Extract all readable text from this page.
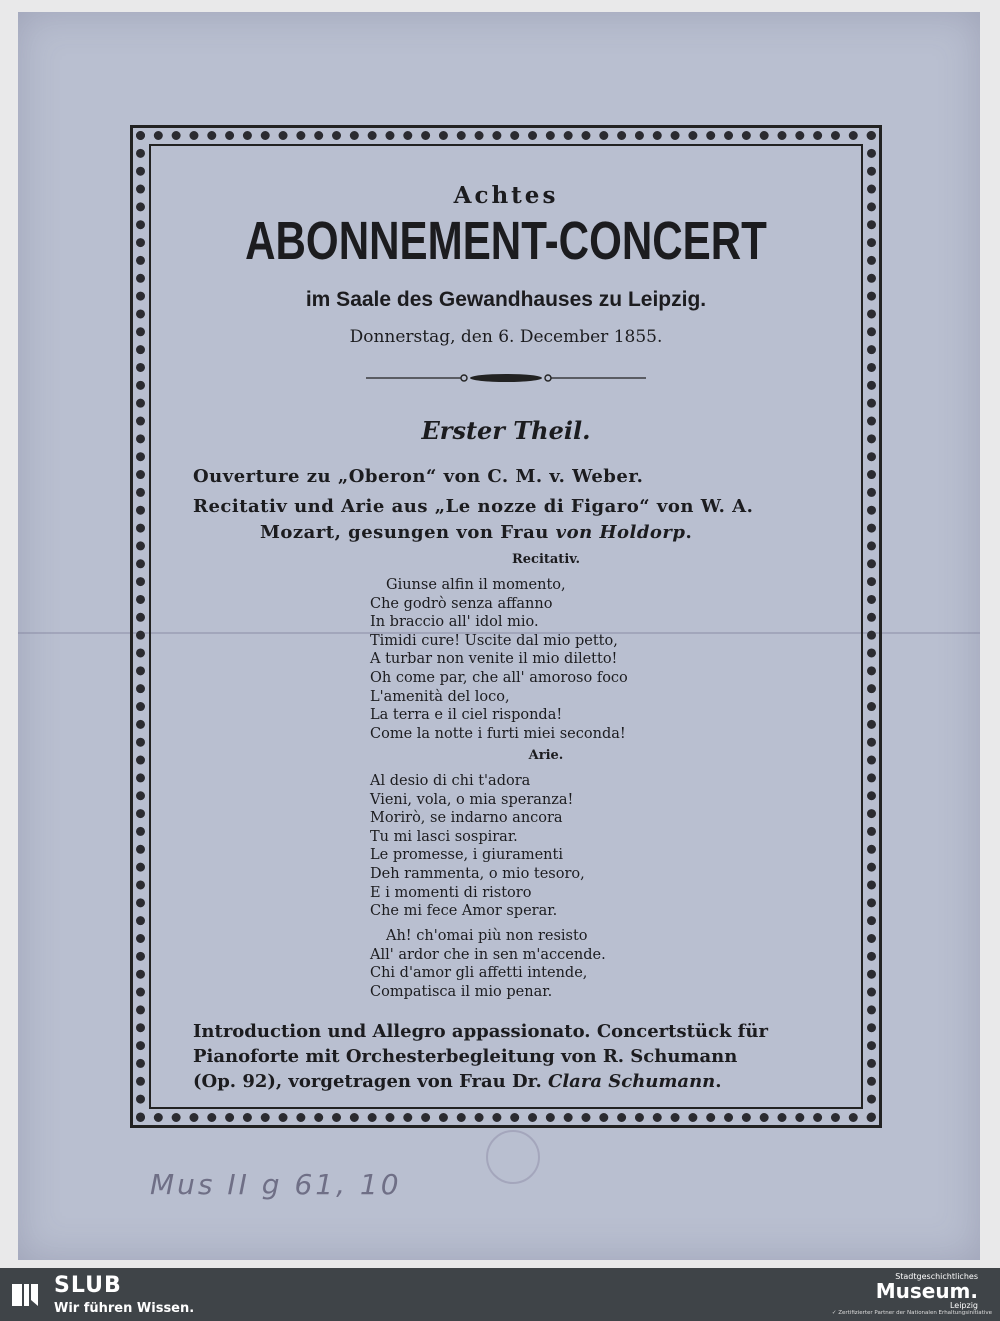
Achtes
ABONNEMENT-CONCERT
im Saale des Gewandhauses zu Leipzig.
Donnerstag, den 6. December 1855.
Erster Theil.
Ouverture zu „Oberon“ von C. M. v. Weber.
Recitativ und Arie aus „Le nozze di Figaro“ von W. A.
Mozart, gesungen von Frau von Holdorp.
Recitativ.
Giunse alfin il momento,
Che godrò senza affanno
In braccio all' idol mio.
Timidi cure! Uscite dal mio petto,
A turbar non venite il mio diletto!
Oh come par, che all' amoroso foco
L'amenità del loco,
La terra e il ciel risponda!
Come la notte i furti miei seconda!
Arie.
Al desio di chi t'adora
Vieni, vola, o mia speranza!
Morirò, se indarno ancora
Tu mi lasci sospirar.
Le promesse, i giuramenti
Deh rammenta, o mio tesoro,
E i momenti di ristoro
Che mi fece Amor sperar.
Ah! ch'omai più non resisto
All' ardor che in sen m'accende.
Chi d'amor gli affetti intende,
Compatisca il mio penar.
Introduction und Allegro appassionato. Concertstück für
Pianoforte mit Orchesterbegleitung von R. Schumann
(Op. 92), vorgetragen von Frau Dr. Clara Schumann.
Mus II g 61, 10
SLUB
Wir führen Wissen.
Stadtgeschichtliches
Museum.
Leipzig
✓ Zertifizierter Partner der Nationalen Erhaltungsinitiative
